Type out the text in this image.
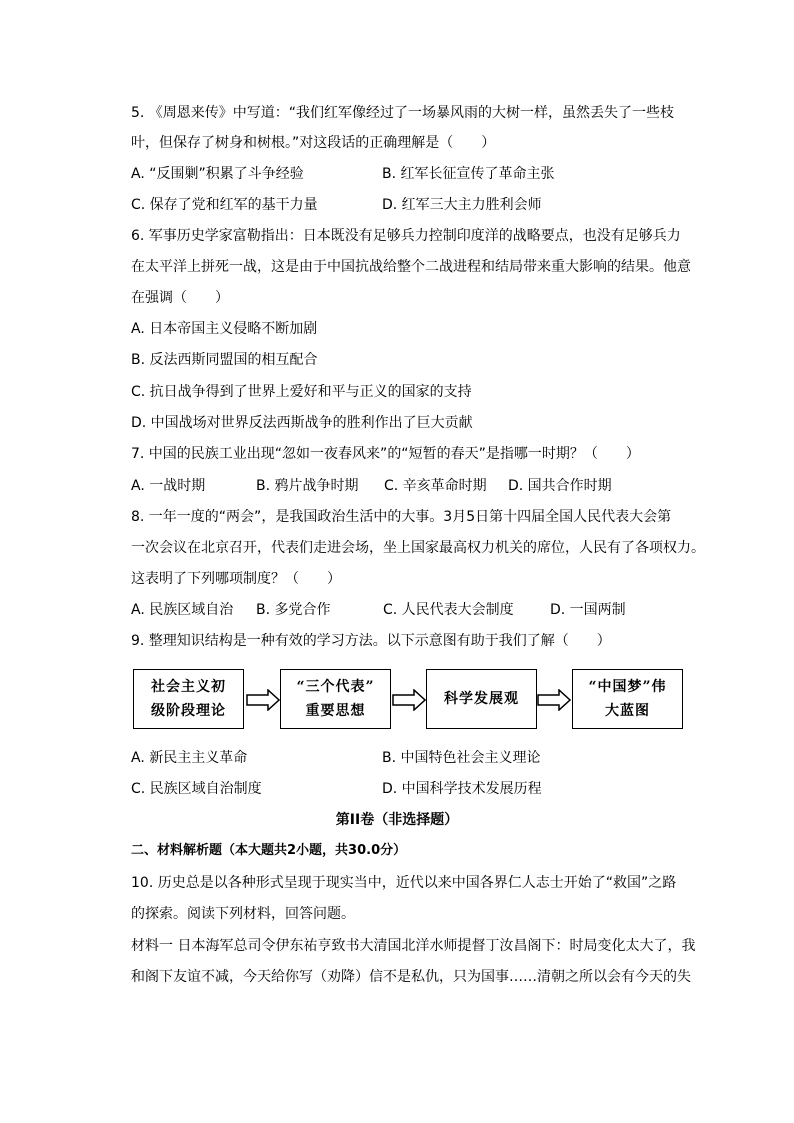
5. 《周恩来传》中写道：“我们红军像经过了一场暴风雨的大树一样，虽然丢失了一些枝
叶，但保存了树身和树根。”对这段话的正确理解是（　　）
A. “反围剿”积累了斗争经验	B. 红军长征宣传了革命主张
C. 保存了党和红军的基干力量	D. 红军三大主力胜利会师
6. 军事历史学家富勒指出：日本既没有足够兵力控制印度洋的战略要点，也没有足够兵力
在太平洋上拼死一战，这是由于中国抗战给整个二战进程和结局带来重大影响的结果。他意
在强调（　　）
A. 日本帝国主义侵略不断加剧
B. 反法西斯同盟国的相互配合
C. 抗日战争得到了世界上爱好和平与正义的国家的支持
D. 中国战场对世界反法西斯战争的胜利作出了巨大贡献
7. 中国的民族工业出现“忽如一夜春风来”的“短暂的春天”是指哪一时期？（　　）
A. 一战时期	B. 鸦片战争时期 C. 辛亥革命时期 D. 国共合作时期
8. 一年一度的“两会”，是我国政治生活中的大事。3月5日第十四届全国人民代表大会第
一次会议在北京召开，代表们走进会场，坐上国家最高权力机关的席位，人民有了各项权力。
这表明了下列哪项制度？（　　）
A. 民族区域自治 B. 多党合作	C. 人民代表大会制度	D. 一国两制
9. 整理知识结构是一种有效的学习方法。以下示意图有助于我们了解（　　）
社会主义初
级阶段理论
“三个代表”
重要思想
科学发展观
“中国梦”伟
大蓝图
A. 新民主主义革命	B. 中国特色社会主义理论
C. 民族区域自治制度	D. 中国科学技术发展历程
第II卷（非选择题）
二、材料解析题（本大题共2小题，共30.0分）
10. 历史总是以各种形式呈现于现实当中，近代以来中国各界仁人志士开始了“救国”之路
的探索。阅读下列材料，回答问题。
材料一 日本海军总司令伊东祐亨致书大清国北洋水师提督丁汝昌阁下：时局变化太大了，我
和阁下友谊不减，今天给你写（劝降）信不是私仇，只为国事……清朝之所以会有今天的失
